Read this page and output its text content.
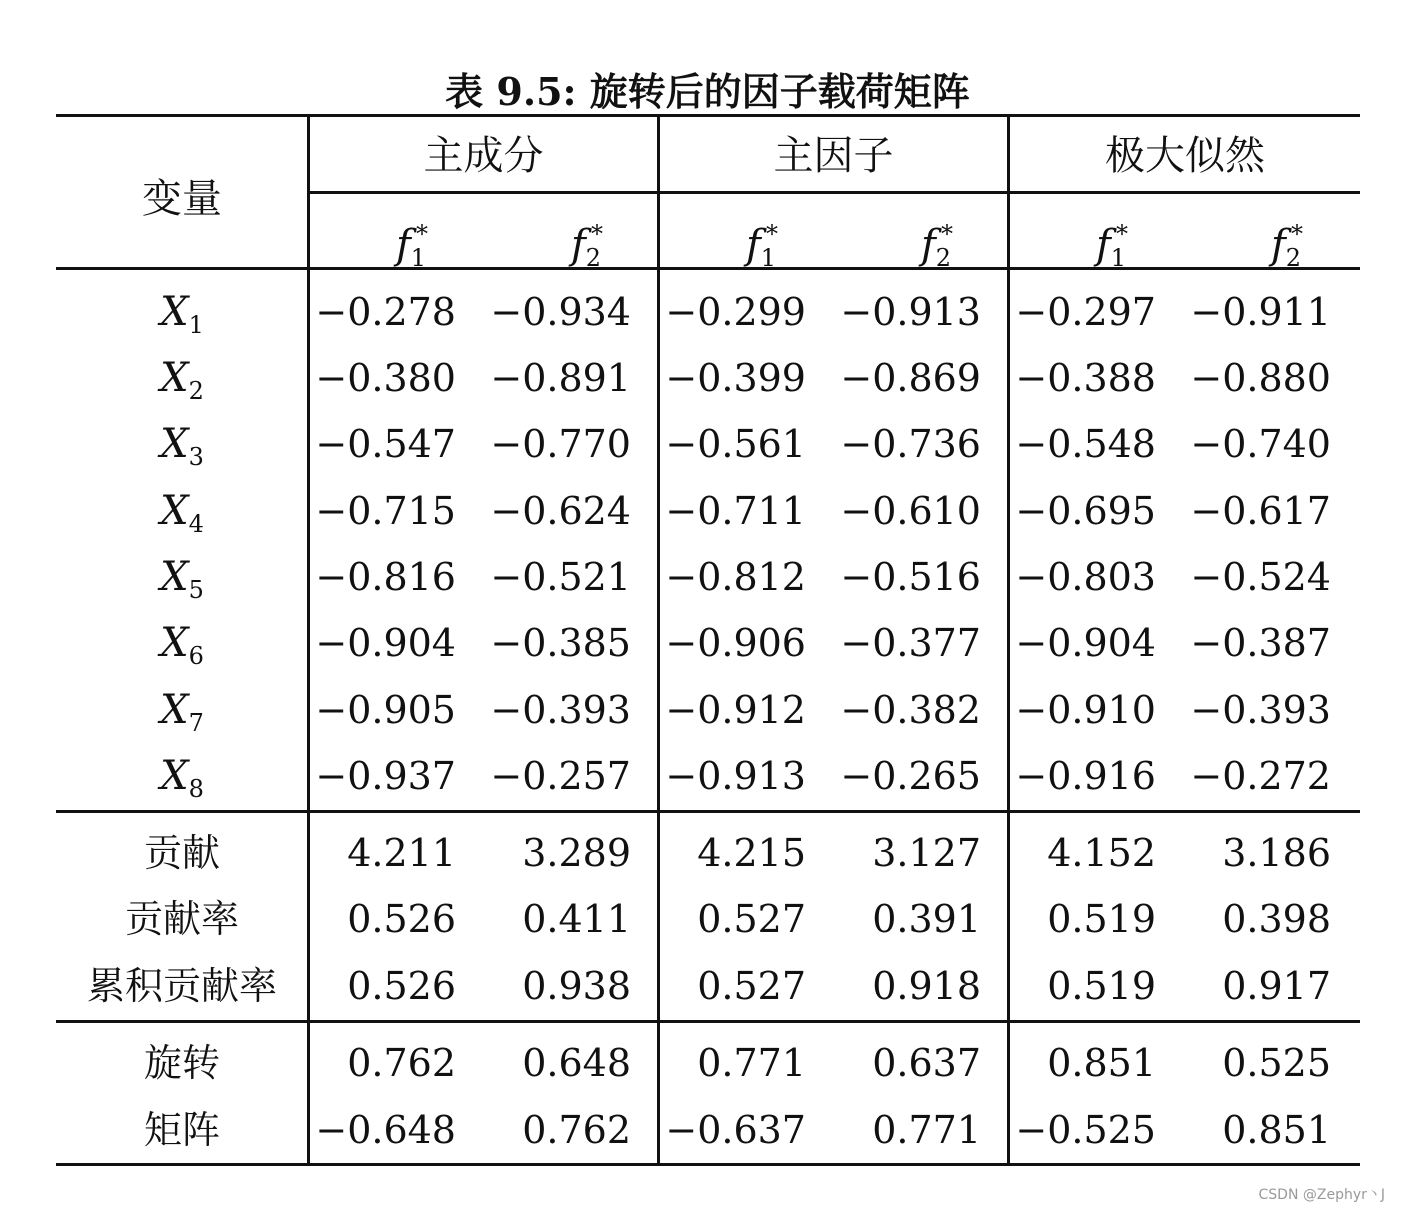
表 9.5: 旋转后的因子载荷矩阵
变量
主成分	主因子	极大似然
$f_1^*$	$f_2^*$	$f_1^*$	$f_2^*$	$f_1^*$	$f_2^*$
$X_1$	−0.278 −0.934 −0.299 −0.913 −0.297 −0.911
$X_2$	−0.380 −0.891 −0.399 −0.869 −0.388 −0.880
$X_3$	−0.547 −0.770 −0.561 −0.736 −0.548 −0.740
$X_4$	−0.715 −0.624 −0.711 −0.610 −0.695 −0.617
$X_5$	−0.816 −0.521 −0.812 −0.516 −0.803 −0.524
$X_6$	−0.904 −0.385 −0.906 −0.377 −0.904 −0.387
$X_7$	−0.905 −0.393 −0.912 −0.382 −0.910 −0.393
$X_8$	−0.937 −0.257 −0.913 −0.265 −0.916 −0.272
贡献	4.211	3.289	4.215	3.127	4.152	3.186
贡献率	0.526	0.411	0.527	0.391	0.519	0.398
累积贡献率	0.526	0.938	0.527	0.918	0.519	0.917
旋转	0.762	0.648	0.771	0.637	0.851	0.525
矩阵	−0.648	0.762 −0.637	0.771 −0.525	0.851
CSDN @Zephyr丶J
